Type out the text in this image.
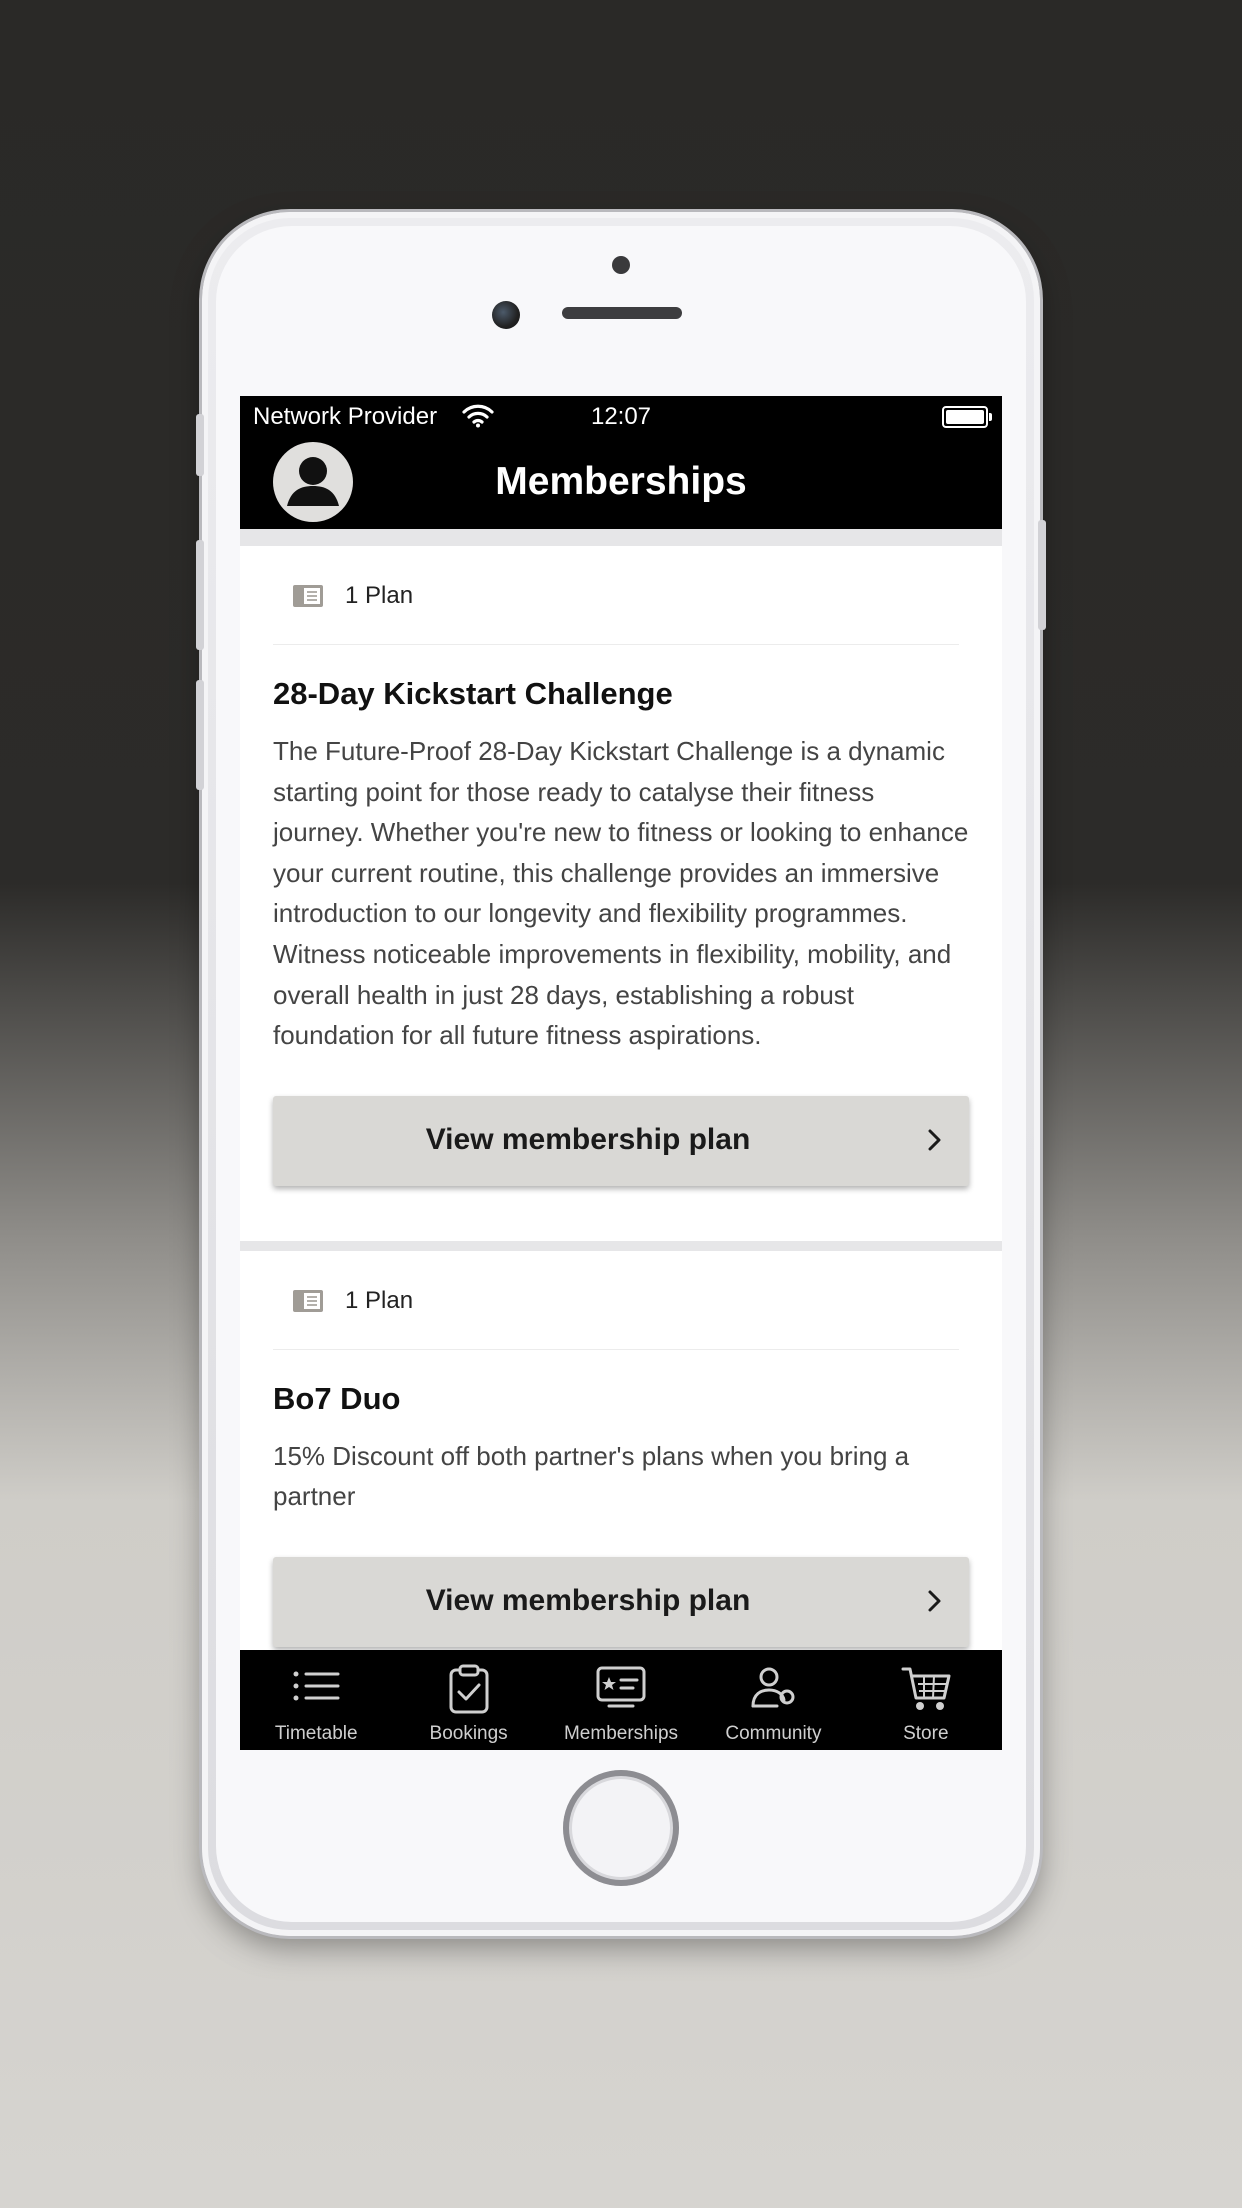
Network Provider	12:07
Memberships
1 Plan
28-Day Kickstart Challenge

The Future-Proof 28-Day Kickstart Challenge is a dynamic starting point for those ready to catalyse their fitness journey. Whether you're new to fitness or looking to enhance your current routine, this challenge provides an immersive introduction to our longevity and flexibility programmes. Witness noticeable improvements in flexibility, mobility, and overall health in just 28 days, establishing a robust foundation for all future fitness aspirations.

View membership plan
1 Plan
Bo7 Duo

15% Discount off both partner's plans when you bring a partner

View membership plan
Timetable	Bookings	Memberships	Community	Store
